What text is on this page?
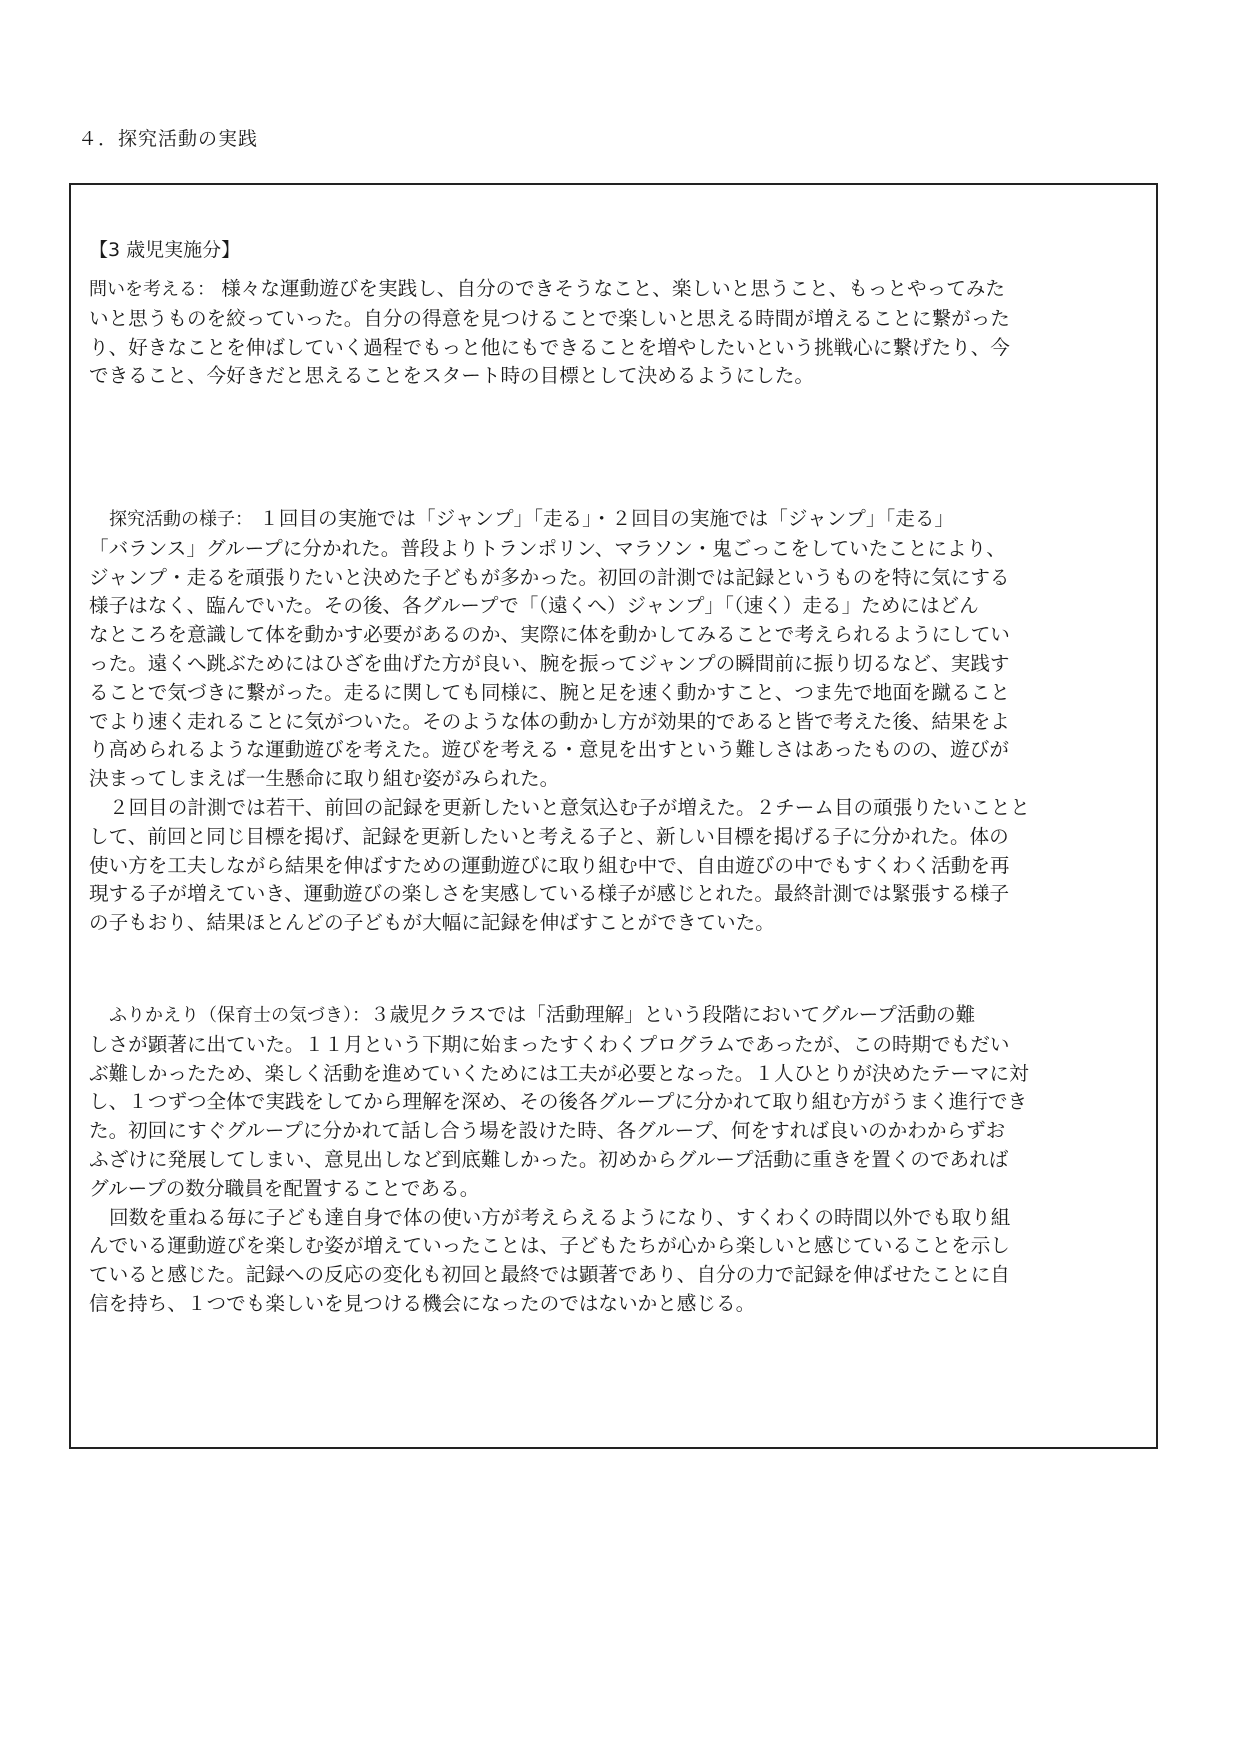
４．探究活動の実践
【3 歳児実施分】
問いを考える： 様々な運動遊びを実践し、自分のできそうなこと、楽しいと思うこと、もっとやってみた
いと思うものを絞っていった。自分の得意を見つけることで楽しいと思える時間が増えることに繋がった
り、好きなことを伸ばしていく過程でもっと他にもできることを増やしたいという挑戦心に繋げたり、今
できること、今好きだと思えることをスタート時の目標として決めるようにした。
探究活動の様子： １回目の実施では「ジャンプ」「走る」・２回目の実施では「ジャンプ」「走る」
「バランス」グループに分かれた。普段よりトランポリン、マラソン・鬼ごっこをしていたことにより、
ジャンプ・走るを頑張りたいと決めた子どもが多かった。初回の計測では記録というものを特に気にする
様子はなく、臨んでいた。その後、各グループで「（遠くへ）ジャンプ」「（速く）走る」ためにはどん
なところを意識して体を動かす必要があるのか、実際に体を動かしてみることで考えられるようにしてい
った。遠くへ跳ぶためにはひざを曲げた方が良い、腕を振ってジャンプの瞬間前に振り切るなど、実践す
ることで気づきに繋がった。走るに関しても同様に、腕と足を速く動かすこと、つま先で地面を蹴ること
でより速く走れることに気がついた。そのような体の動かし方が効果的であると皆で考えた後、結果をよ
り高められるような運動遊びを考えた。遊びを考える・意見を出すという難しさはあったものの、遊びが
決まってしまえば一生懸命に取り組む姿がみられた。
２回目の計測では若干、前回の記録を更新したいと意気込む子が増えた。２チーム目の頑張りたいことと
して、前回と同じ目標を掲げ、記録を更新したいと考える子と、新しい目標を掲げる子に分かれた。体の
使い方を工夫しながら結果を伸ばすための運動遊びに取り組む中で、自由遊びの中でもすくわく活動を再
現する子が増えていき、運動遊びの楽しさを実感している様子が感じとれた。最終計測では緊張する様子
の子もおり、結果ほとんどの子どもが大幅に記録を伸ばすことができていた。
ふりかえり（保育士の気づき）：３歳児クラスでは「活動理解」という段階においてグループ活動の難
しさが顕著に出ていた。１１月という下期に始まったすくわくプログラムであったが、この時期でもだい
ぶ難しかったため、楽しく活動を進めていくためには工夫が必要となった。１人ひとりが決めたテーマに対
し、１つずつ全体で実践をしてから理解を深め、その後各グループに分かれて取り組む方がうまく進行でき
た。初回にすぐグループに分かれて話し合う場を設けた時、各グループ、何をすれば良いのかわからずお
ふざけに発展してしまい、意見出しなど到底難しかった。初めからグループ活動に重きを置くのであれば
グループの数分職員を配置することである。
回数を重ねる毎に子ども達自身で体の使い方が考えらえるようになり、すくわくの時間以外でも取り組
んでいる運動遊びを楽しむ姿が増えていったことは、子どもたちが心から楽しいと感じていることを示し
ていると感じた。記録への反応の変化も初回と最終では顕著であり、自分の力で記録を伸ばせたことに自
信を持ち、１つでも楽しいを見つける機会になったのではないかと感じる。
